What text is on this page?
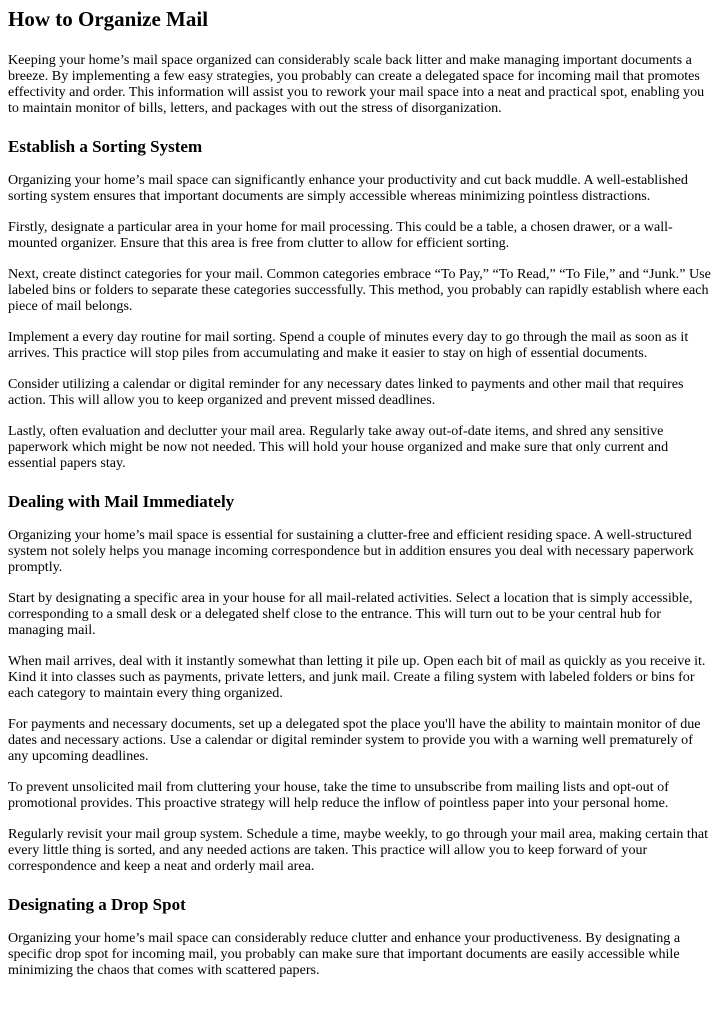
How to Organize Mail

Keeping your home’s mail space organized can considerably scale back litter and make managing important documents a breeze. By implementing a few easy strategies, you probably can create a delegated space for incoming mail that promotes effectivity and order. This information will assist you to rework your mail space into a neat and practical spot, enabling you to maintain monitor of bills, letters, and packages with out the stress of disorganization.

Establish a Sorting System

Organizing your home’s mail space can significantly enhance your productivity and cut back muddle. A well-established sorting system ensures that important documents are simply accessible whereas minimizing pointless distractions.

Firstly, designate a particular area in your home for mail processing. This could be a table, a chosen drawer, or a wall-mounted organizer. Ensure that this area is free from clutter to allow for efficient sorting.

Next, create distinct categories for your mail. Common categories embrace “To Pay,” “To Read,” “To File,” and “Junk.” Use labeled bins or folders to separate these categories successfully. This method, you probably can rapidly establish where each piece of mail belongs.

Implement a every day routine for mail sorting. Spend a couple of minutes every day to go through the mail as soon as it arrives. This practice will stop piles from accumulating and make it easier to stay on high of essential documents.

Consider utilizing a calendar or digital reminder for any necessary dates linked to payments and other mail that requires action. This will allow you to keep organized and prevent missed deadlines.

Lastly, often evaluation and declutter your mail area. Regularly take away out-of-date items, and shred any sensitive paperwork which might be now not needed. This will hold your house organized and make sure that only current and essential papers stay.

Dealing with Mail Immediately

Organizing your home’s mail space is essential for sustaining a clutter-free and efficient residing space. A well-structured system not solely helps you manage incoming correspondence but in addition ensures you deal with necessary paperwork promptly.

Start by designating a specific area in your house for all mail-related activities. Select a location that is simply accessible, corresponding to a small desk or a delegated shelf close to the entrance. This will turn out to be your central hub for managing mail.

When mail arrives, deal with it instantly somewhat than letting it pile up. Open each bit of mail as quickly as you receive it. Kind it into classes such as payments, private letters, and junk mail. Create a filing system with labeled folders or bins for each category to maintain every thing organized.

For payments and necessary documents, set up a delegated spot the place you'll have the ability to maintain monitor of due dates and necessary actions. Use a calendar or digital reminder system to provide you with a warning well prematurely of any upcoming deadlines.

To prevent unsolicited mail from cluttering your house, take the time to unsubscribe from mailing lists and opt-out of promotional provides. This proactive strategy will help reduce the inflow of pointless paper into your personal home.

Regularly revisit your mail group system. Schedule a time, maybe weekly, to go through your mail area, making certain that every little thing is sorted, and any needed actions are taken. This practice will allow you to keep forward of your correspondence and keep a neat and orderly mail area.

Designating a Drop Spot

Organizing your home’s mail space can considerably reduce clutter and enhance your productiveness. By designating a specific drop spot for incoming mail, you probably can make sure that important documents are easily accessible while minimizing the chaos that comes with scattered papers.
